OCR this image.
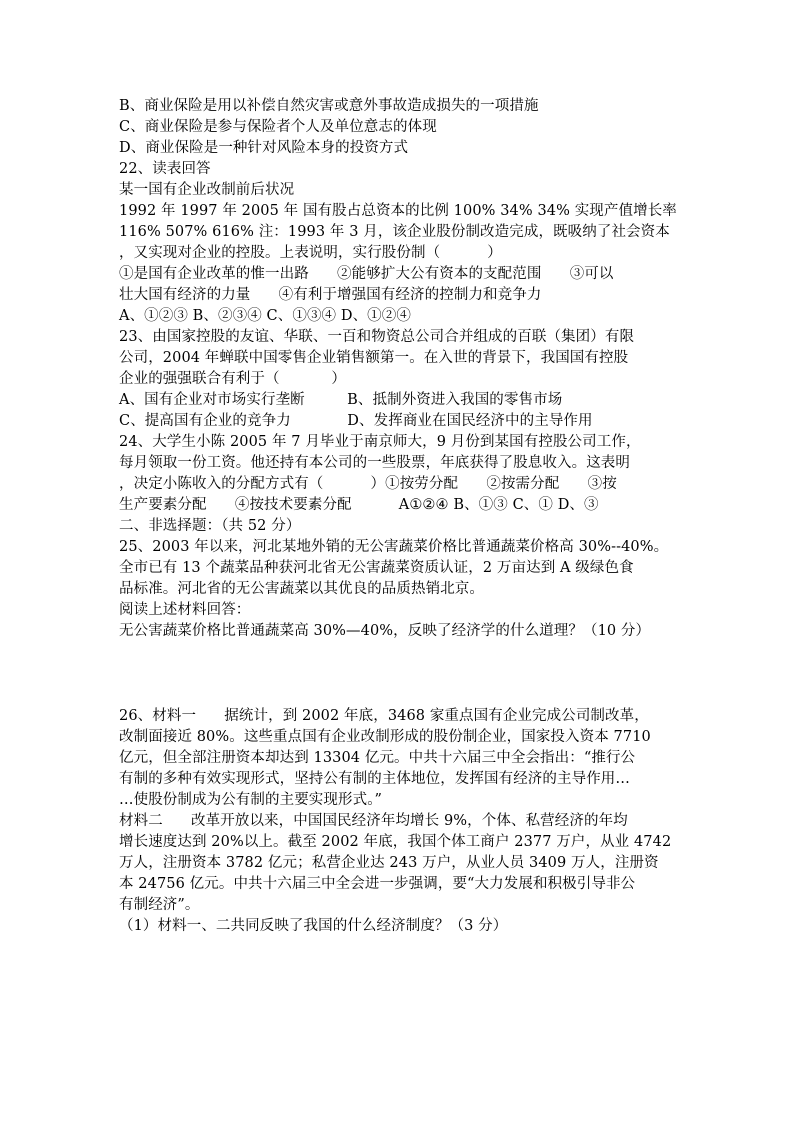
B、商业保险是用以补偿自然灾害或意外事故造成损失的一项措施
C、商业保险是参与保险者个人及单位意志的体现
D、商业保险是一种针对风险本身的投资方式
22、读表回答
某一国有企业改制前后状况
1992 年 1997 年 2005 年 国有股占总资本的比例 100% 34% 34% 实现产值增长率
116% 507% 616% 注：1993 年 3 月，该企业股份制改造完成，既吸纳了社会资本
，又实现对企业的控股。上表说明，实行股份制（          ）
①是国有企业改革的惟一出路      ②能够扩大公有资本的支配范围      ③可以
壮大国有经济的力量      ④有利于增强国有经济的控制力和竞争力
A、①②③ B、②③④ C、①③④ D、①②④
23、由国家控股的友谊、华联、一百和物资总公司合并组成的百联（集团）有限
公司，2004 年蝉联中国零售企业销售额第一。在入世的背景下，我国国有控股
企业的强强联合有利于（           ）
A、国有企业对市场实行垄断         B、抵制外资进入我国的零售市场
C、提高国有企业的竞争力            D、发挥商业在国民经济中的主导作用
24、大学生小陈 2005 年 7 月毕业于南京师大，9 月份到某国有控股公司工作，
每月领取一份工资。他还持有本公司的一些股票，年底获得了股息收入。这表明
，决定小陈收入的分配方式有（          ）①按劳分配      ②按需分配      ③按
生产要素分配      ④按技术要素分配          A①②④ B、①③ C、① D、③
二、非选择题：（共 52 分）
25、2003 年以来，河北某地外销的无公害蔬菜价格比普通蔬菜价格高 30%--40%。
全市已有 13 个蔬菜品种获河北省无公害蔬菜资质认证，2 万亩达到 A 级绿色食
品标准。河北省的无公害蔬菜以其优良的品质热销北京。
阅读上述材料回答：
无公害蔬菜价格比普通蔬菜高 30%—40%，反映了经济学的什么道理？（10 分）
26、材料一      据统计，到 2002 年底，3468 家重点国有企业完成公司制改革，
改制面接近 80%。这些重点国有企业改制形成的股份制企业，国家投入资本 7710
亿元，但全部注册资本却达到 13304 亿元。中共十六届三中全会指出：“推行公
有制的多种有效实现形式，坚持公有制的主体地位，发挥国有经济的主导作用…
…使股份制成为公有制的主要实现形式。”
材料二      改革开放以来，中国国民经济年均增长 9%，个体、私营经济的年均
增长速度达到 20%以上。截至 2002 年底，我国个体工商户 2377 万户，从业 4742
万人，注册资本 3782 亿元；私营企业达 243 万户，从业人员 3409 万人，注册资
本 24756 亿元。中共十六届三中全会进一步强调，要“大力发展和积极引导非公
有制经济”。
（1）材料一、二共同反映了我国的什么经济制度？（3 分）
